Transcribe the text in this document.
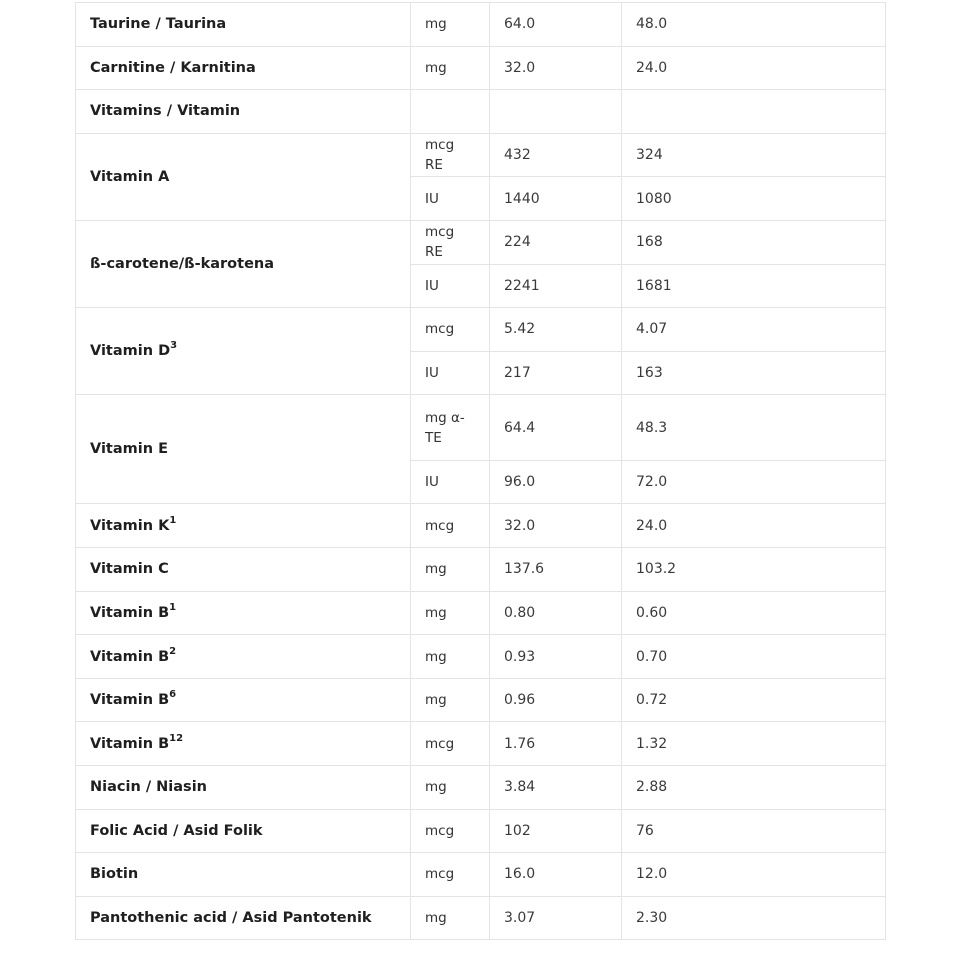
Taurine / Taurina	mg	64.0	48.0
Carnitine / Karnitina	mg	32.0	24.0
Vitamins / Vitamin			
Vitamin A	mcg RE	432	324
	IU	1440	1080
ß-carotene/ß-karotena	mcg RE	224	168
	IU	2241	1681
Vitamin $D^3$	mcg	5.42	4.07
	IU	217	163
Vitamin E	mg α-TE	64.4	48.3
	IU	96.0	72.0
Vitamin $K^1$	mcg	32.0	24.0
Vitamin C	mg	137.6	103.2
Vitamin $B^1$	mg	0.80	0.60
Vitamin $B^2$	mg	0.93	0.70
Vitamin $B^6$	mg	0.96	0.72
Vitamin $B^{12}$	mcg	1.76	1.32
Niacin / Niasin	mg	3.84	2.88
Folic Acid / Asid Folik	mcg	102	76
Biotin	mcg	16.0	12.0
Pantothenic acid / Asid Pantotenik	mg	3.07	2.30
